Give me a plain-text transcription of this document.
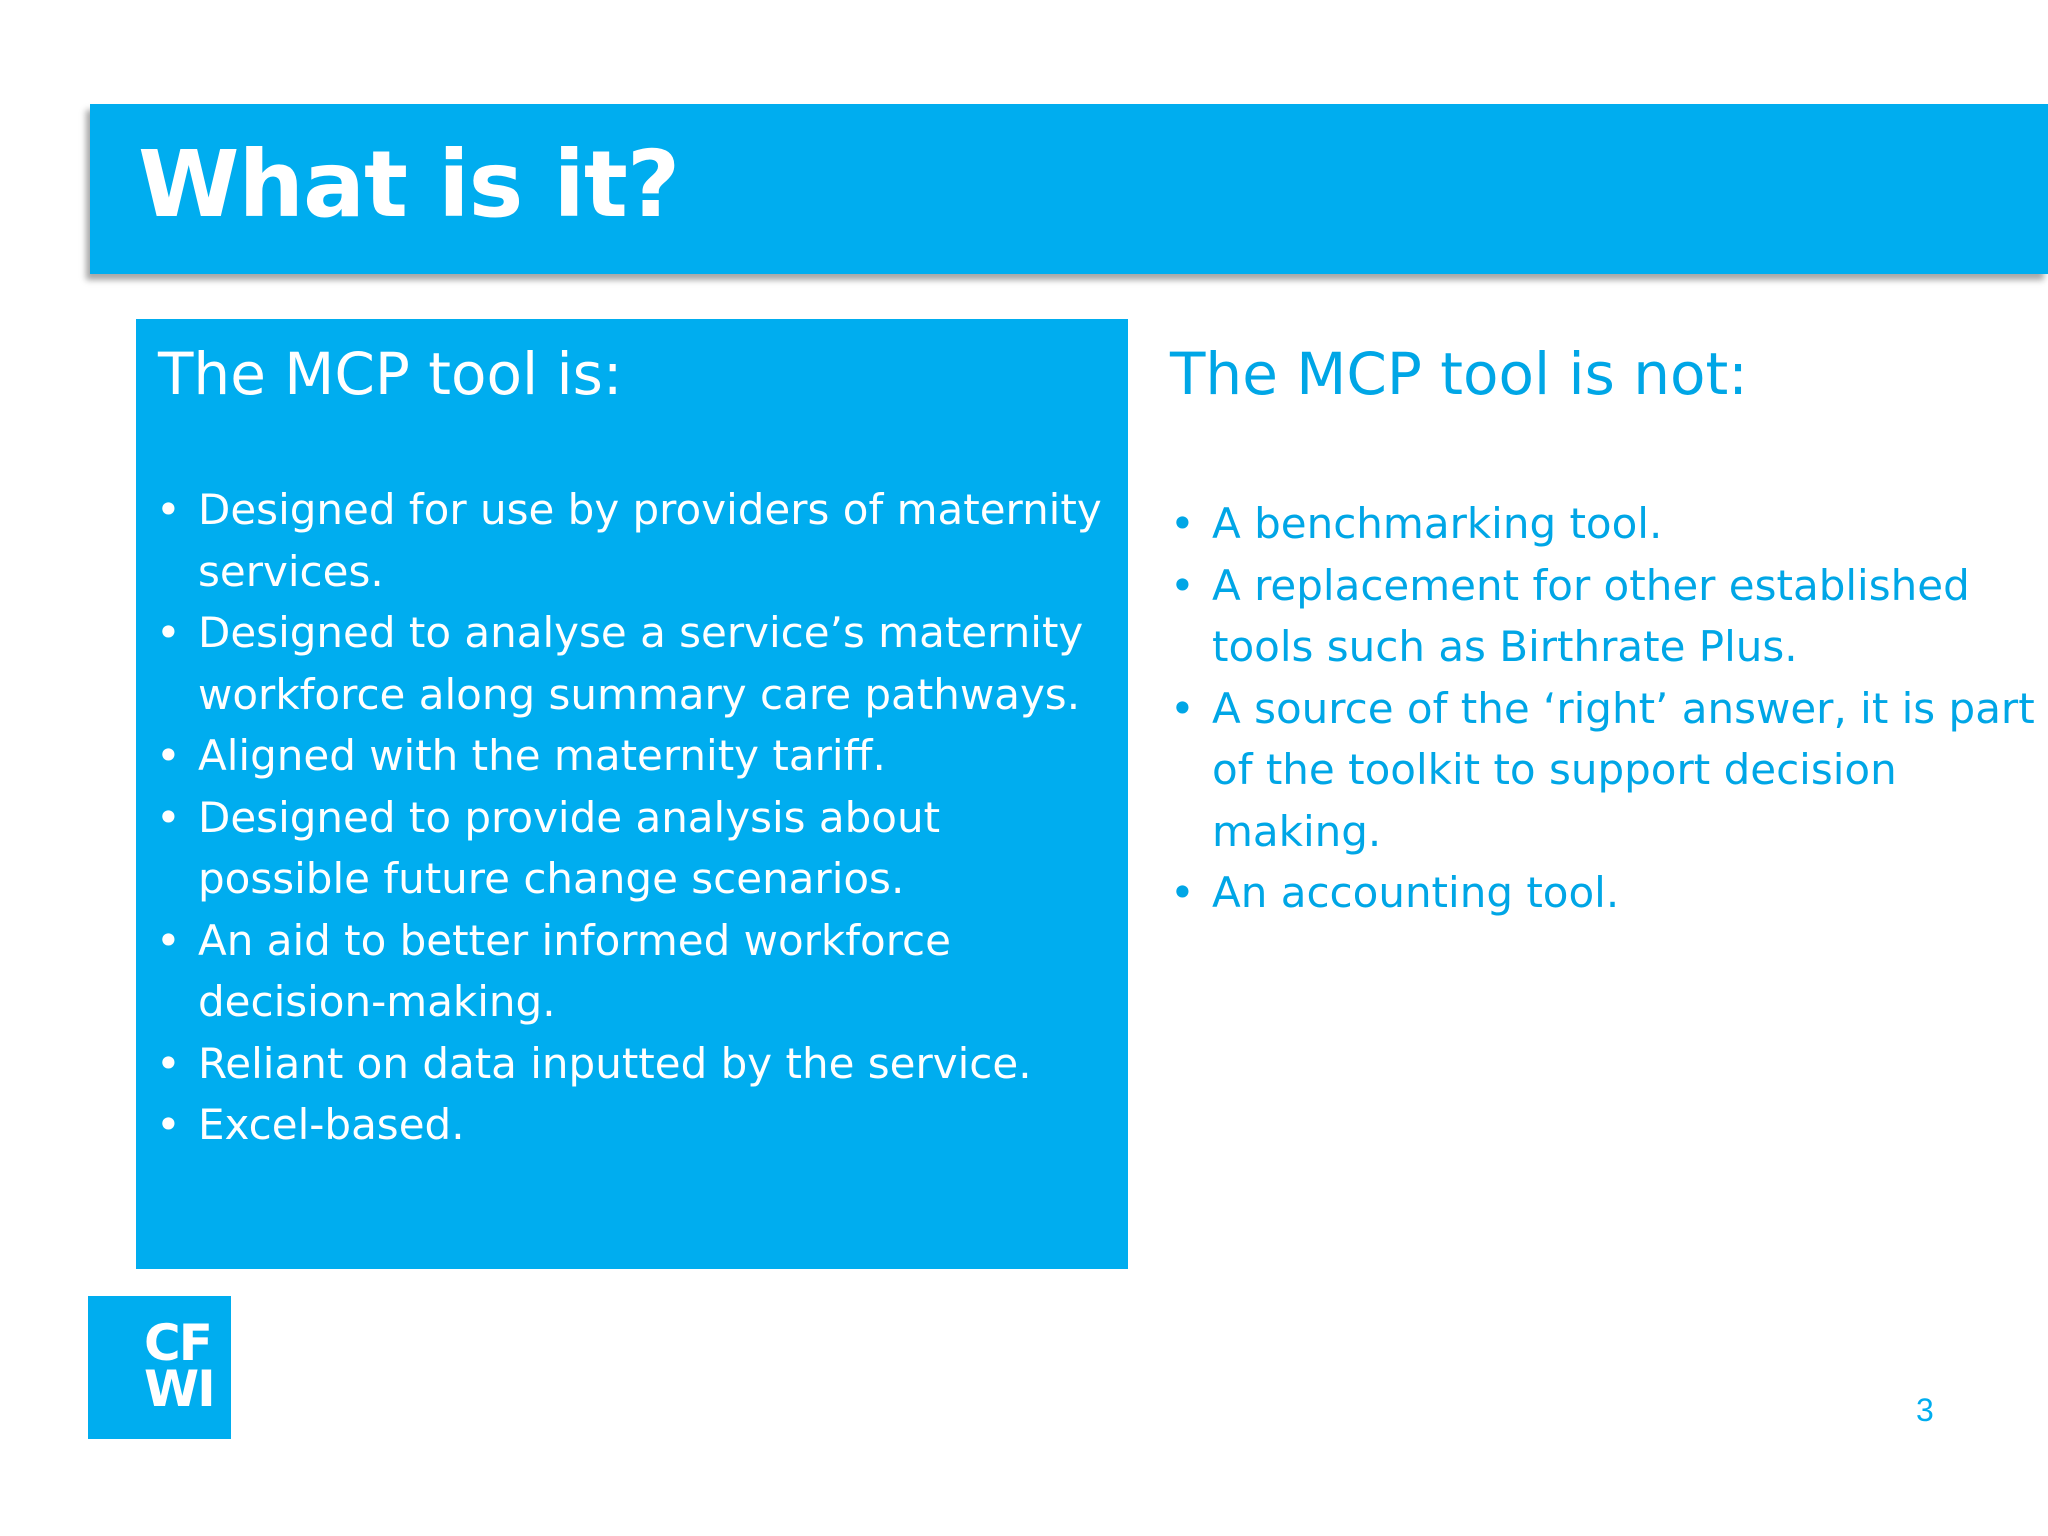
What is it?
The MCP tool is:
• Designed for use by providers of maternity services.
• Designed to analyse a service’s maternity workforce along summary care pathways.
• Aligned with the maternity tariff.
• Designed to provide analysis about possible future change scenarios.
• An aid to better informed workforce decision-making.
• Reliant on data inputted by the service.
• Excel-based.
The MCP tool is not:
• A benchmarking tool.
• A replacement for other established tools such as Birthrate Plus.
• A source of the ‘right’ answer, it is part of the toolkit to support decision making.
• An accounting tool.
CF
WI	3
